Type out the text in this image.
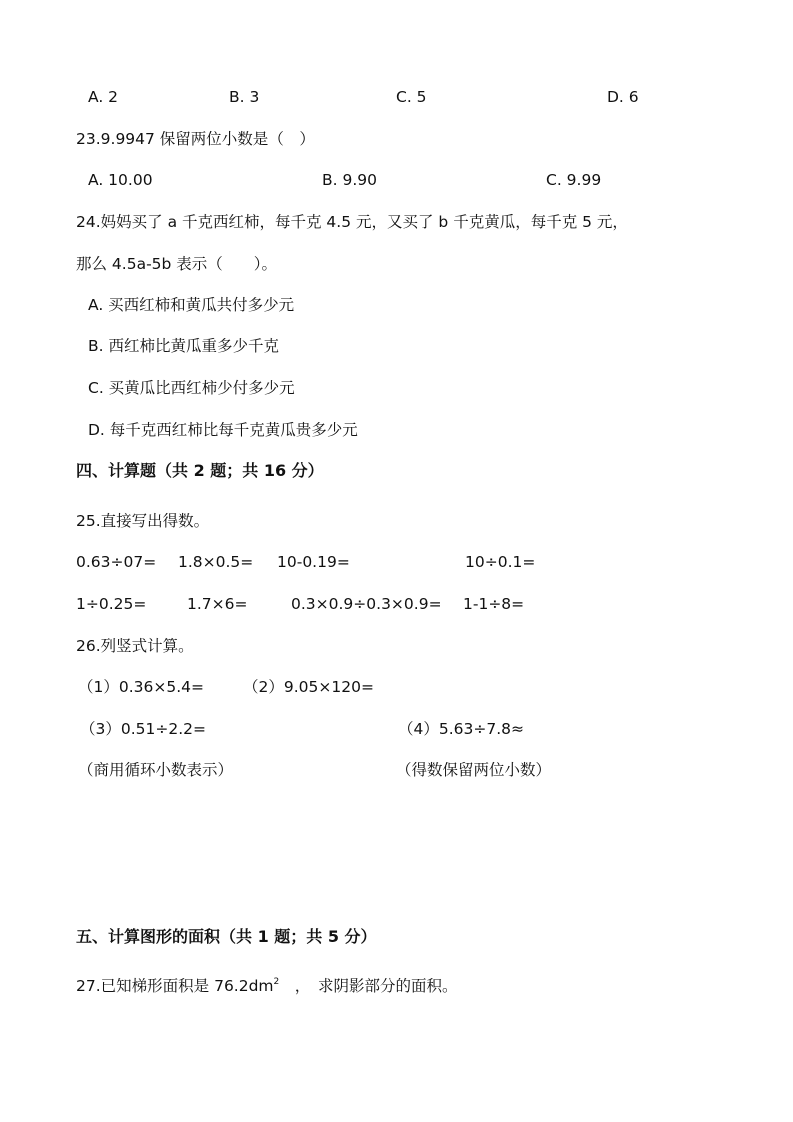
A. 2	B. 3	C. 5	D. 6
23.9.9947 保留两位小数是（　）
A. 10.00	B. 9.90	C. 9.99
24.妈妈买了 a 千克西红柿，每千克 4.5 元，又买了 b 千克黄瓜，每千克 5 元，
那么 4.5a-5b 表示（　　）。
A. 买西红柿和黄瓜共付多少元
B. 西红柿比黄瓜重多少千克
C. 买黄瓜比西红柿少付多少元
D. 每千克西红柿比每千克黄瓜贵多少元
四、计算题（共 2 题；共 16 分）
25.直接写出得数。
0.63÷07= 1.8×0.5= 10-0.19=	10÷0.1=
1÷0.25=	1.7×6=	0.3×0.9÷0.3×0.9= 1-1÷8=
26.列竖式计算。
（1）0.36×5.4=	（2）9.05×120=
（3）0.51÷2.2=	（4）5.63÷7.8≈
（商用循环小数表示）	（得数保留两位小数）
五、计算图形的面积（共 1 题；共 5 分）
27.已知梯形面积是 $76.2dm^2$　，　求阴影部分的面积。
